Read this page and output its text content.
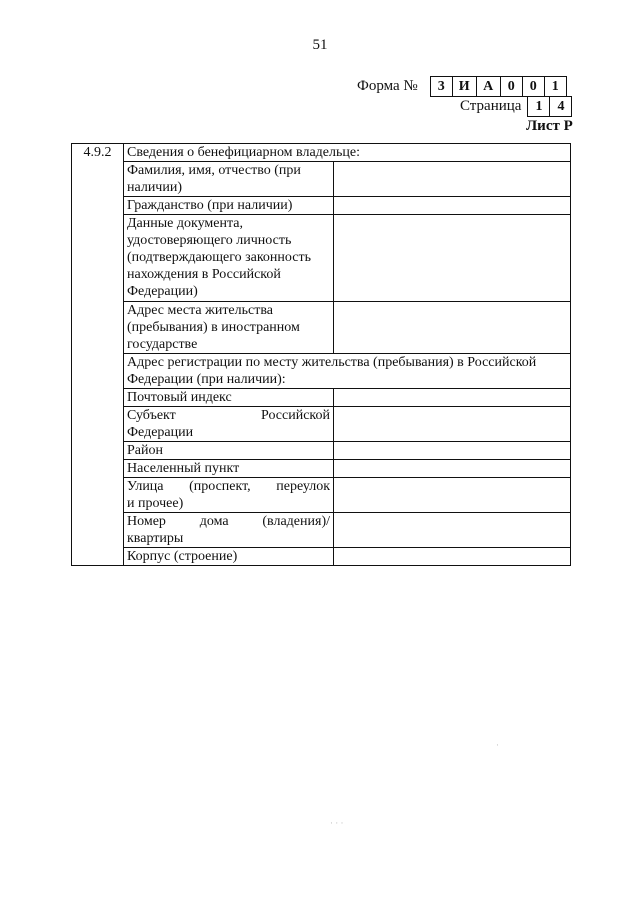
51
Форма №	3	И А	0	0	1
Страница	1	4
Лист Р
4.9.2	Сведения о бенефициарном владельце:	
	Фамилия, имя, отчество (при наличии)	
	Гражданство (при наличии)	
	Данные документа, удостоверяющего личность (подтверждающего законность нахождения в Российской Федерации)	
	Адрес места жительства (пребывания) в иностранном государстве	
	Адрес регистрации по месту жительства (пребывания) в Российской Федерации (при наличии):	
	Почтовый индекс	

	Субъект Российской
Федерации	

	Район	
	Населенный пункт	

	Улица (проспект, переулок
и прочее)	

	Номер дома (владения)/
квартиры	

	Корпус (строение)	
·
· · ·
